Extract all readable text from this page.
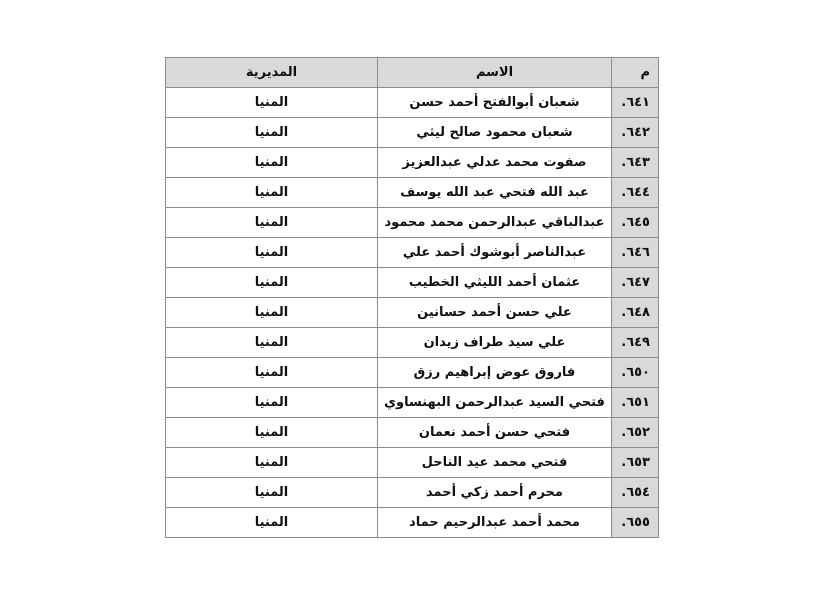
م	الاسم	المديرية
٦٤١.	شعبان أبوالفتح أحمد حسن	المنيا
٦٤٢.	شعبان محمود صالح ليثي	المنيا
٦٤٣.	صفوت محمد عدلي عبدالعزيز	المنيا
٦٤٤.	عبد الله فتحي عبد الله يوسف	المنيا
٦٤٥.	عبدالباقي عبدالرحمن محمد محمود	المنيا
٦٤٦.	عبدالناصر أبوشوك أحمد علي	المنيا
٦٤٧.	عثمان أحمد الليثي الخطيب	المنيا
٦٤٨.	علي حسن أحمد حسانين	المنيا
٦٤٩.	علي سيد طراف زيدان	المنيا
٦٥٠.	فاروق عوض إبراهيم رزق	المنيا
٦٥١.	فتحي السيد عبدالرحمن البهنساوي	المنيا
٦٥٢.	فتحي حسن أحمد نعمان	المنيا
٦٥٣.	فتحي محمد عيد الناحل	المنيا
٦٥٤.	محرم أحمد زكي أحمد	المنيا
٦٥٥.	محمد أحمد عبدالرحيم حماد	المنيا
